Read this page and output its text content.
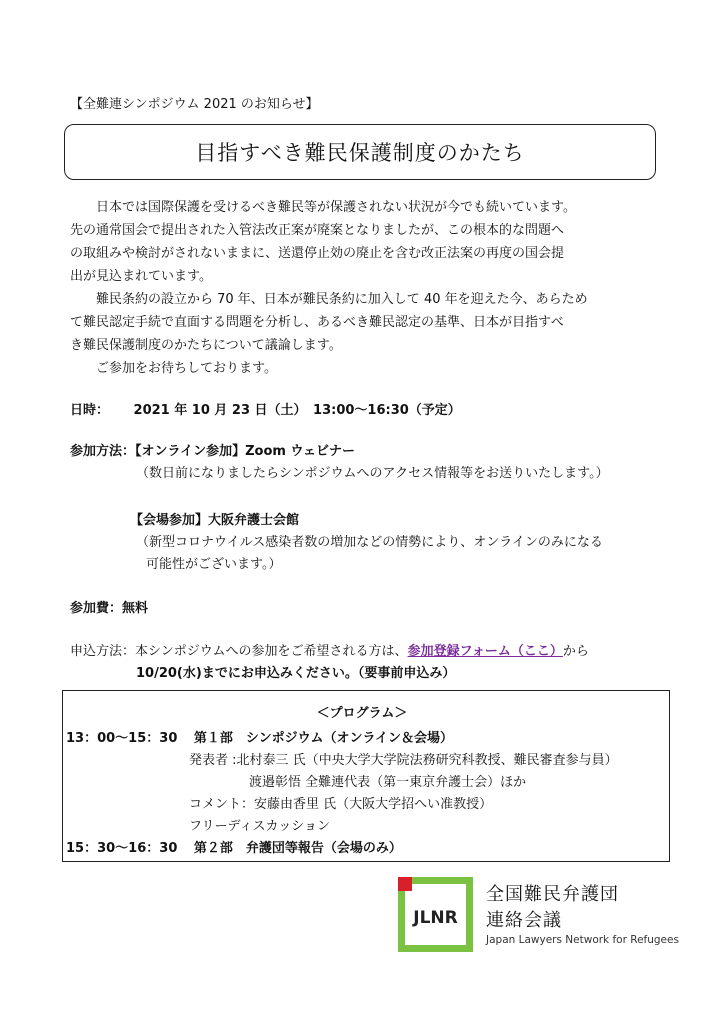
【全難連シンポジウム 2021 のお知らせ】
目指すべき難民保護制度のかたち

日本では国際保護を受けるべき難民等が保護されない状況が今でも続いています。

先の通常国会で提出された入管法改正案が廃案となりましたが、この根本的な問題へ

の取組みや検討がされないままに、送還停止効の廃止を含む改正法案の再度の国会提

出が見込まれています。

難民条約の設立から 70 年、日本が難民条約に加入して 40 年を迎えた今、あらため

て難民認定手続で直面する問題を分析し、あるべき難民認定の基準、日本が目指すべ

き難民保護制度のかたちについて議論します。

ご参加をお待ちしております。

日時： 2021 年 10 月 23 日（土）　13:00～16:30（予定）
参加方法：【オンライン参加】Zoom ウェビナー
（数日前になりましたらシンポジウムへのアクセス情報等をお送りいたします。）
【会場参加】大阪弁護士会館
（新型コロナウイルス感染者数の増加などの情勢により、オンラインのみになる
可能性がございます。）
参加費：無料
申込方法：本シンポジウムへの参加をご希望される方は、参加登録フォーム（ここ）から
10/20(水)までにお申込みください。（要事前申込み）
＜プログラム＞
13：00～15：30 第１部　シンポジウム（オンライン＆会場）
発表者 :北村泰三 氏（中央大学大学院法務研究科教授、難民審査参与員）
渡邉彰悟 全難連代表（第一東京弁護士会）ほか
コメント：安藤由香里 氏（大阪大学招へい准教授）
フリーディスカッション
15：30～16：30 第２部　弁護団等報告（会場のみ）
JLNR
全国難民弁護団
連絡会議
Japan Lawyers Network for Refugees
